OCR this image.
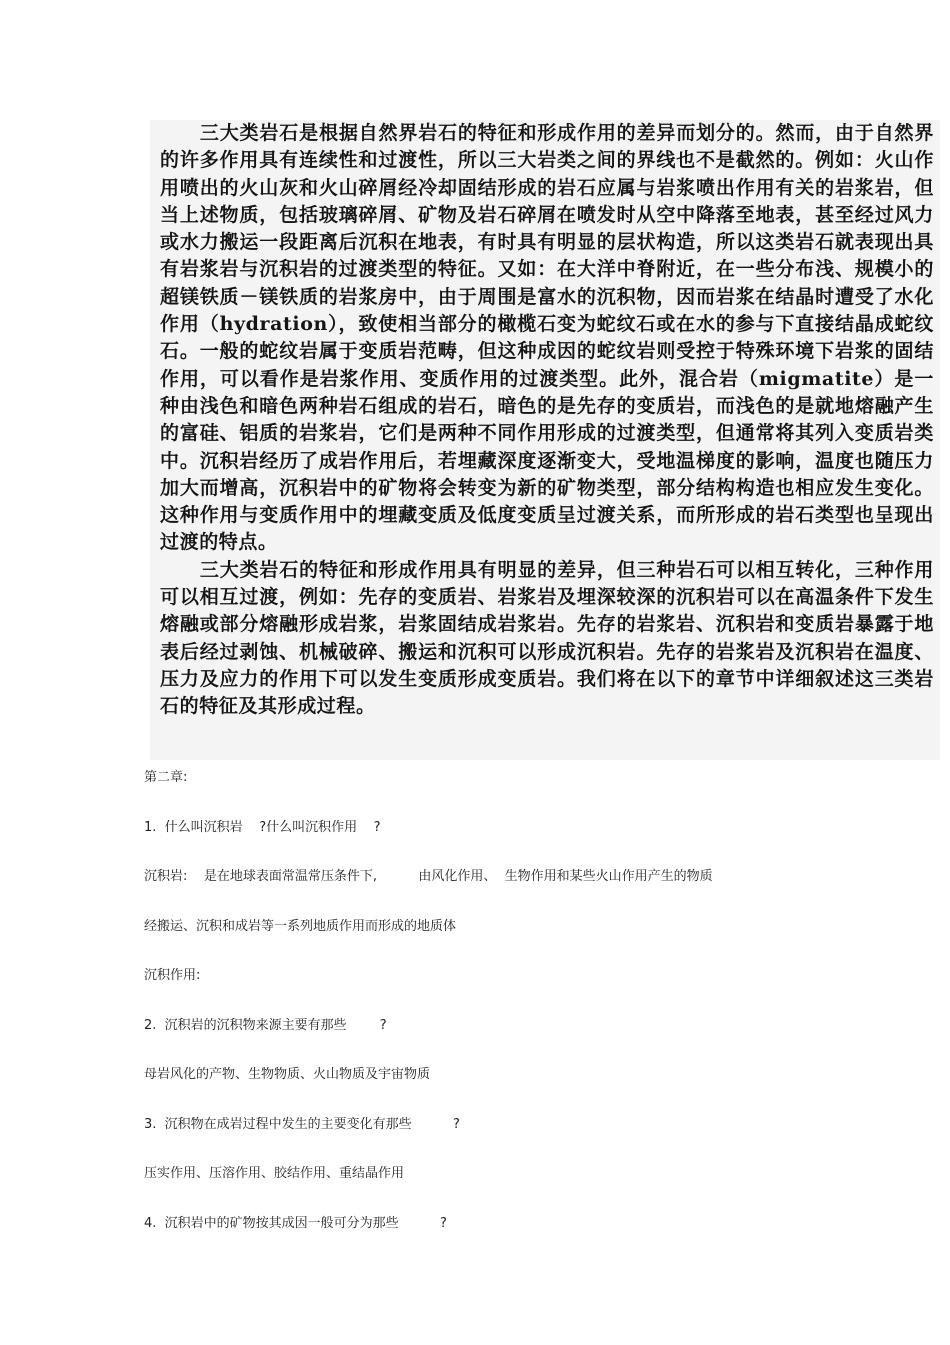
三大类岩石是根据自然界岩石的特征和形成作用的差异而划分的。然而，由于自然界的许多作用具有连续性和过渡性，所以三大岩类之间的界线也不是截然的。例如：火山作用喷出的火山灰和火山碎屑经冷却固结形成的岩石应属与岩浆喷出作用有关的岩浆岩，但当上述物质，包括玻璃碎屑、矿物及岩石碎屑在喷发时从空中降落至地表，甚至经过风力或水力搬运一段距离后沉积在地表，有时具有明显的层状构造，所以这类岩石就表现出具有岩浆岩与沉积岩的过渡类型的特征。又如：在大洋中脊附近，在一些分布浅、规模小的超镁铁质－镁铁质的岩浆房中，由于周围是富水的沉积物，因而岩浆在结晶时遭受了水化作用（hydration），致使相当部分的橄榄石变为蛇纹石或在水的参与下直接结晶成蛇纹石。一般的蛇纹岩属于变质岩范畴，但这种成因的蛇纹岩则受控于特殊环境下岩浆的固结作用，可以看作是岩浆作用、变质作用的过渡类型。此外，混合岩（migmatite）是一种由浅色和暗色两种岩石组成的岩石，暗色的是先存的变质岩，而浅色的是就地熔融产生的富硅、铝质的岩浆岩，它们是两种不同作用形成的过渡类型，但通常将其列入变质岩类中。沉积岩经历了成岩作用后，若埋藏深度逐渐变大，受地温梯度的影响，温度也随压力加大而增高，沉积岩中的矿物将会转变为新的矿物类型，部分结构构造也相应发生变化。这种作用与变质作用中的埋藏变质及低度变质呈过渡关系，而所形成的岩石类型也呈现出过渡的特点。

三大类岩石的特征和形成作用具有明显的差异，但三种岩石可以相互转化，三种作用可以相互过渡，例如：先存的变质岩、岩浆岩及埋深较深的沉积岩可以在高温条件下发生熔融或部分熔融形成岩浆，岩浆固结成岩浆岩。先存的岩浆岩、沉积岩和变质岩暴露于地表后经过剥蚀、机械破碎、搬运和沉积可以形成沉积岩。先存的岩浆岩及沉积岩在温度、压力及应力的作用下可以发生变质形成变质岩。我们将在以下的章节中详细叙述这三类岩石的特征及其形成过程。

第二章:
1.  什么叫沉积岩    ?什么叫沉积作用    ?
沉积岩:    是在地球表面常温常压条件下,          由风化作用、  生物作用和某些火山作用产生的物质
经搬运、沉积和成岩等一系列地质作用而形成的地质体
沉积作用:
2.  沉积岩的沉积物来源主要有那些        ?
母岩风化的产物、生物物质、火山物质及宇宙物质
3.  沉积物在成岩过程中发生的主要变化有那些          ?
压实作用、压溶作用、胶结作用、重结晶作用
4.  沉积岩中的矿物按其成因一般可分为那些          ?
